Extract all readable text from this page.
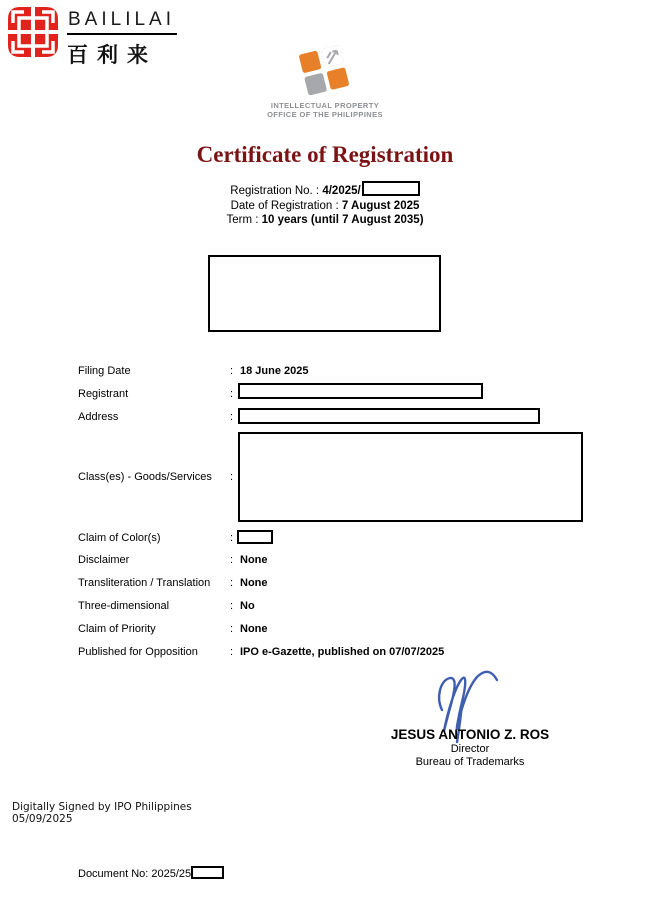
BAILILAI
百利来
INTELLECTUAL PROPERTY
OFFICE OF THE PHILIPPINES
Certificate of Registration
Registration No. : 4/2025/
Date of Registration : 7 August 2025
Term : 10 years (until 7 August 2035)
Filing Date	: 18 June 2025
Registrant	:
Address	:
Class(es) - Goods/Services	:
Claim of Color(s)	:
Disclaimer	: None
Transliteration / Translation	: None
Three-dimensional	: No
Claim of Priority	: None
Published for Opposition	: IPO e-Gazette, published on 07/07/2025
JESUS ANTONIO Z. ROS
Director
Bureau of Trademarks
Digitally Signed by IPO Philippines
05/09/2025
Document No: 2025/25
